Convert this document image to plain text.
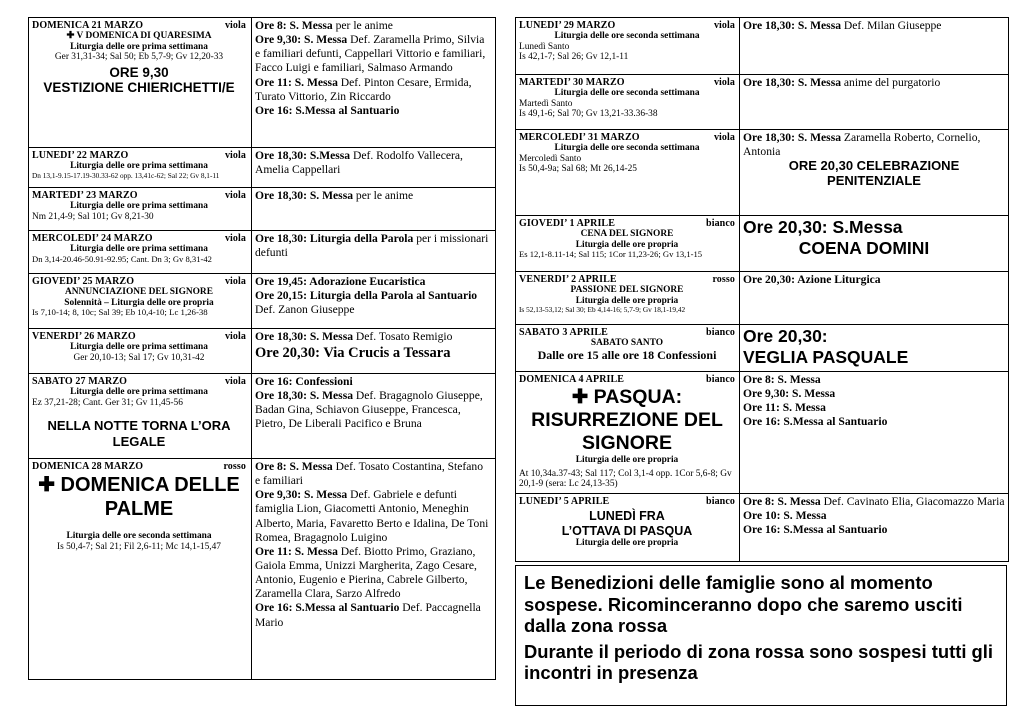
DOMENICA 21 MARZO	viola
✚ V DOMENICA DI QUARESIMA
Liturgia delle ore prima settimana
Ger 31,31-34; Sal 50; Eb 5,7-9; Gv 12,20-33
ORE 9,30
VESTIZIONE CHIERICHETTI/E
Ore 8: S. Messa per le anime
Ore 9,30: S. Messa Def. Zaramella Primo, Silvia e familiari defunti, Cappellari Vittorio e familiari, Facco Luigi e familiari, Salmaso Armando
Ore 11: S. Messa Def. Pinton Cesare, Ermida, Turato Vittorio, Zin Riccardo
Ore 16: S.Messa al Santuario
LUNEDI’ 22 MARZO	viola
Liturgia delle ore prima settimana
Dn 13,1-9.15-17.19-30.33-62 opp. 13,41c-62; Sal 22; Gv 8,1-11
Ore 18,30: S.Messa Def. Rodolfo Vallecera, Amelia Cappellari
MARTEDI’ 23 MARZO	viola
Liturgia delle ore prima settimana
Nm 21,4-9; Sal 101; Gv 8,21-30
Ore 18,30: S. Messa per le anime
MERCOLEDI’ 24 MARZO	viola
Liturgia delle ore prima settimana
Dn 3,14-20.46-50.91-92.95; Cant. Dn 3; Gv 8,31-42
Ore 18,30: Liturgia della Parola per i missionari defunti
GIOVEDI’ 25 MARZO	viola
ANNUNCIAZIONE DEL SIGNORE
Solennità – Liturgia delle ore propria
Is 7,10-14; 8, 10c; Sal 39; Eb 10,4-10; Lc 1,26-38
Ore 19,45: Adorazione Eucaristica
Ore 20,15: Liturgia della Parola al Santuario Def. Zanon Giuseppe
VENERDI’ 26 MARZO	viola
Liturgia delle ore prima settimana
Ger 20,10-13; Sal 17; Gv 10,31-42
Ore 18,30: S. Messa Def. Tosato Remigio
Ore 20,30: Via Crucis a Tessara
SABATO 27 MARZO	viola
Liturgia delle ore prima settimana
Ez 37,21-28; Cant. Ger 31; Gv 11,45-56
NELLA NOTTE TORNA L’ORA LEGALE
Ore 16: Confessioni
Ore 18,30: S. Messa Def. Bragagnolo Giuseppe, Badan Gina, Schiavon Giuseppe, Francesca, Pietro, De Liberali Pacifico e Bruna
DOMENICA 28 MARZO	rosso
✚ DOMENICA DELLE PALME
Liturgia delle ore seconda settimana
Is 50,4-7; Sal 21; Fil 2,6-11; Mc 14,1-15,47
Ore 8: S. Messa Def. Tosato Costantina, Stefano e familiari
Ore 9,30: S. Messa Def. Gabriele e defunti famiglia Lion, Giacometti Antonio, Meneghin Alberto, Maria, Favaretto Berto e Idalina, De Toni Romea, Bragagnolo Luigino
Ore 11: S. Messa Def. Biotto Primo, Graziano, Gaiola Emma, Unizzi Margherita, Zago Cesare, Antonio, Eugenio e Pierina, Cabrele Gilberto, Zaramella Clara, Sarzo Alfredo
Ore 16: S.Messa al Santuario Def. Paccagnella Mario
LUNEDI’ 29 MARZO	viola
Liturgia delle ore seconda settimana
Lunedì Santo
Is 42,1-7; Sal 26; Gv 12,1-11
Ore 18,30: S. Messa Def. Milan Giuseppe
MARTEDI’ 30 MARZO	viola
Liturgia delle ore seconda settimana
Martedì Santo
Is 49,1-6; Sal 70; Gv 13,21-33.36-38
Ore 18,30: S. Messa anime del purgatorio
MERCOLEDI’ 31 MARZO	viola
Liturgia delle ore seconda settimana
Mercoledì Santo
Is 50,4-9a; Sal 68; Mt 26,14-25
Ore 18,30: S. Messa Zaramella Roberto, Cornelio, Antonia
ORE 20,30 CELEBRAZIONE PENITENZIALE
GIOVEDI’ 1 APRILE	bianco
CENA DEL SIGNORE
Liturgia delle ore propria
Es 12,1-8.11-14; Sal 115; 1Cor 11,23-26; Gv 13,1-15
Ore 20,30: S.Messa
COENA DOMINI
VENERDI’ 2 APRILE	rosso
PASSIONE DEL SIGNORE
Liturgia delle ore propria
Is 52,13-53,12; Sal 30; Eb 4,14-16; 5,7-9; Gv 18,1-19,42
Ore 20,30: Azione Liturgica
SABATO 3 APRILE	bianco
SABATO SANTO
Dalle ore 15 alle ore 18 Confessioni
Ore 20,30:
VEGLIA PASQUALE
DOMENICA 4 APRILE	bianco
✚ PASQUA: RISURREZIONE DEL SIGNORE
Liturgia delle ore propria
At 10,34a.37-43; Sal 117; Col 3,1-4 opp. 1Cor 5,6-8; Gv 20,1-9 (sera: Lc 24,13-35)
Ore 8: S. Messa
Ore 9,30: S. Messa
Ore 11: S. Messa
Ore 16: S.Messa al Santuario
LUNEDI’ 5 APRILE	bianco
LUNEDÌ FRA L’OTTAVA DI PASQUA
Liturgia delle ore propria
Ore 8: S. Messa Def. Cavinato Elia, Giacomazzo Maria
Ore 10: S. Messa
Ore 16: S.Messa al Santuario

Le Benedizioni delle famiglie sono al momento sospese. Ricominceranno dopo che saremo usciti dalla zona rossa

Durante il periodo di zona rossa sono sospesi tutti gli incontri in presenza
